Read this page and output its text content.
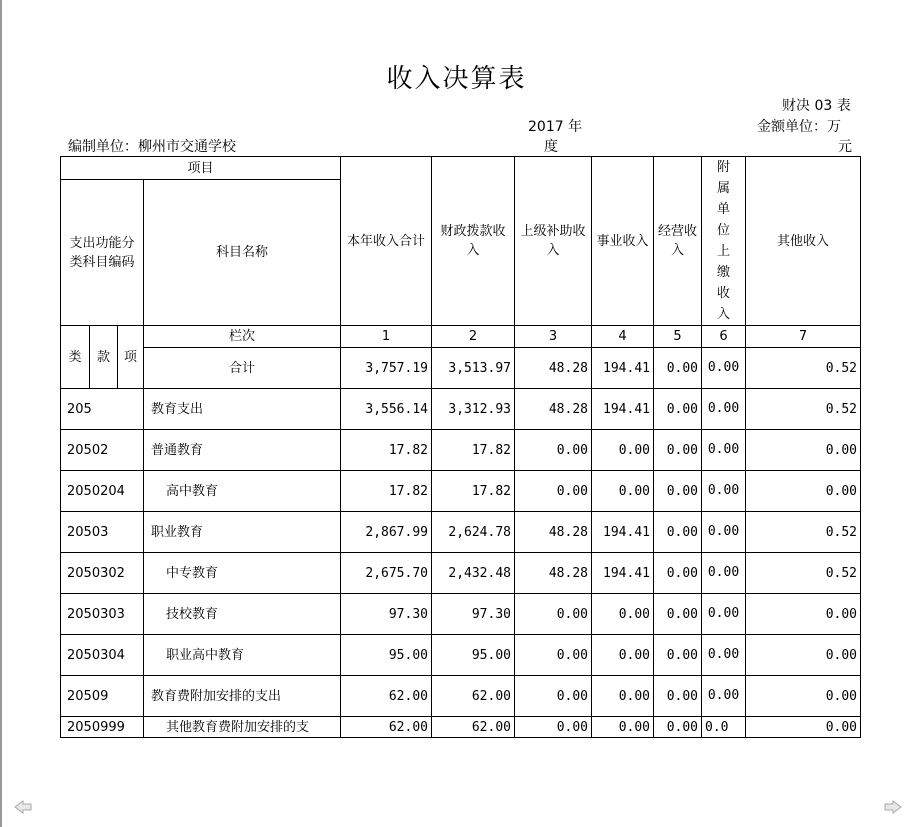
收入决算表
财决 03 表
编制单位：柳州市交通学校
2017 年
度
金额单位：万
元
项目				本年收入合计	财政拨款收入	上级补助收入	事业收入	经营收入	附属单位上缴收入	其他收入
支出功能分类科目编码			科目名称							
类	款	项	栏次	1	2	3	4	5	6	7
			合计	3,757.19	3,513.97	48.28	194.41	0.00	0.00	0.52
205			教育支出	3,556.14	3,312.93	48.28	194.41	0.00	0.00	0.52
20502			普通教育	17.82	17.82	0.00	0.00	0.00	0.00	0.00
2050204			高中教育	17.82	17.82	0.00	0.00	0.00	0.00	0.00
20503			职业教育	2,867.99	2,624.78	48.28	194.41	0.00	0.00	0.52
2050302			中专教育	2,675.70	2,432.48	48.28	194.41	0.00	0.00	0.52
2050303			技校教育	97.30	97.30	0.00	0.00	0.00	0.00	0.00
2050304			职业高中教育	95.00	95.00	0.00	0.00	0.00	0.00	0.00
20509			教育费附加安排的支出	62.00	62.00	0.00	0.00	0.00	0.00	0.00
2050999			其他教育费附加安排的支	62.00	62.00	0.00	0.00	0.00	0.0	0.00
